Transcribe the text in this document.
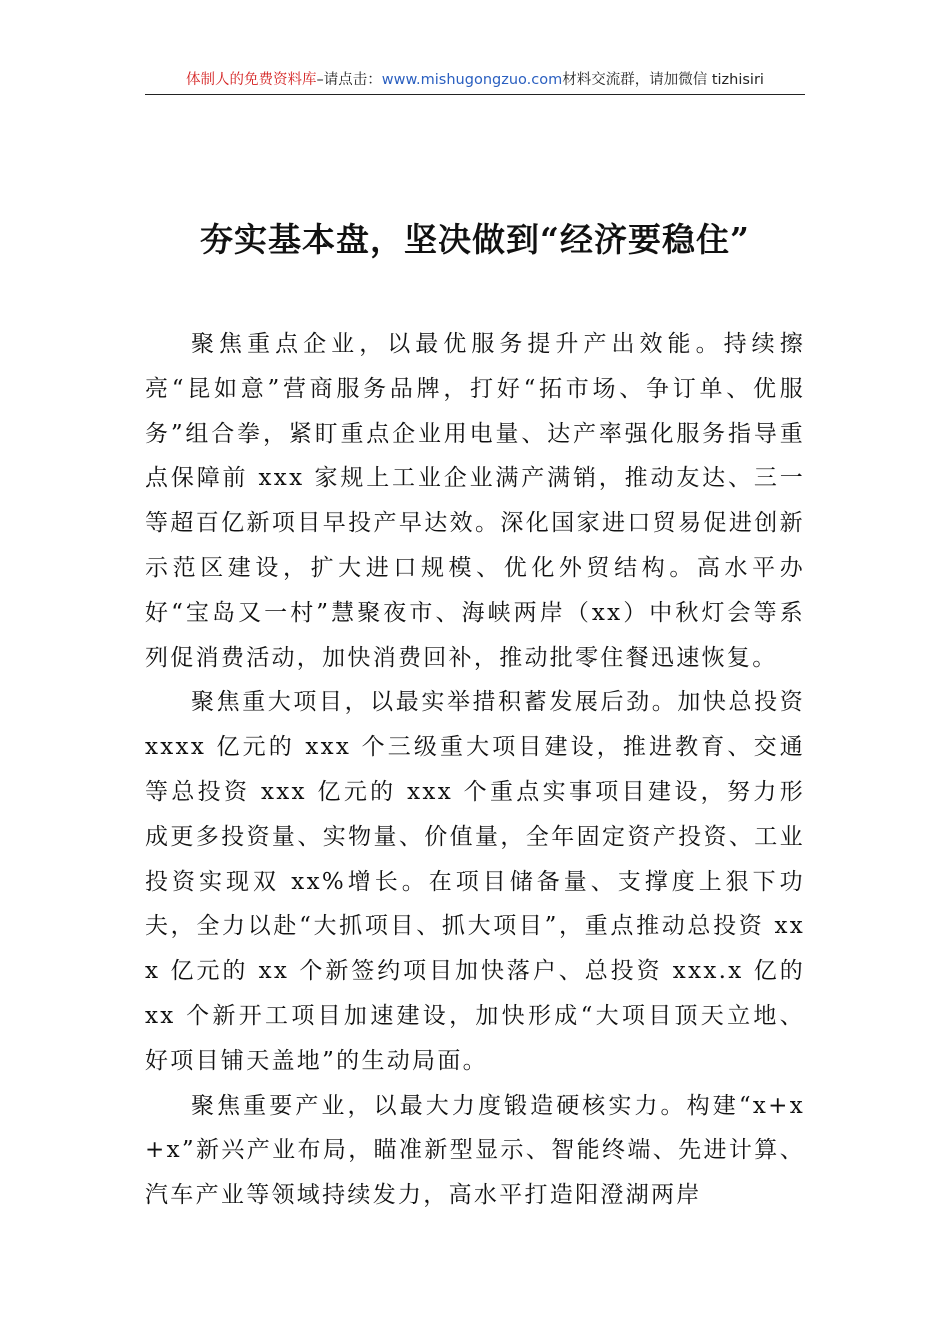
体制人的免费资料库–请点击：www.mishugongzuo.com材料交流群，请加微信 tizhisiri
夯实基本盘，坚决做到“经济要稳住”

聚焦重点企业，以最优服务提升产出效能。持续擦亮“昆如意”营商服务品牌，打好“拓市场、争订单、优服务”组合拳，紧盯重点企业用电量、达产率强化服务指导重点保障前 xxx 家规上工业企业满产满销，推动友达、三一等超百亿新项目早投产早达效。深化国家进口贸易促进创新示范区建设，扩大进口规模、优化外贸结构。高水平办好“宝岛又一村”慧聚夜市、海峡两岸（xx）中秋灯会等系列促消费活动，加快消费回补，推动批零住餐迅速恢复。

聚焦重大项目，以最实举措积蓄发展后劲。加快总投资 xxxx 亿元的 xxx 个三级重大项目建设，推进教育、交通等总投资 xxx 亿元的 xxx 个重点实事项目建设，努力形成更多投资量、实物量、价值量，全年固定资产投资、工业投资实现双 xx%增长。在项目储备量、支撑度上狠下功夫，全力以赴“大抓项目、抓大项目”，重点推动总投资 xxx 亿元的 xx 个新签约项目加快落户、总投资 xxx.x 亿的 xx 个新开工项目加速建设，加快形成“大项目顶天立地、好项目铺天盖地”的生动局面。

聚焦重要产业，以最大力度锻造硬核实力。构建“x+x+x”新兴产业布局，瞄准新型显示、智能终端、先进计算、汽车产业等领域持续发力，高水平打造阳澄湖两岸
